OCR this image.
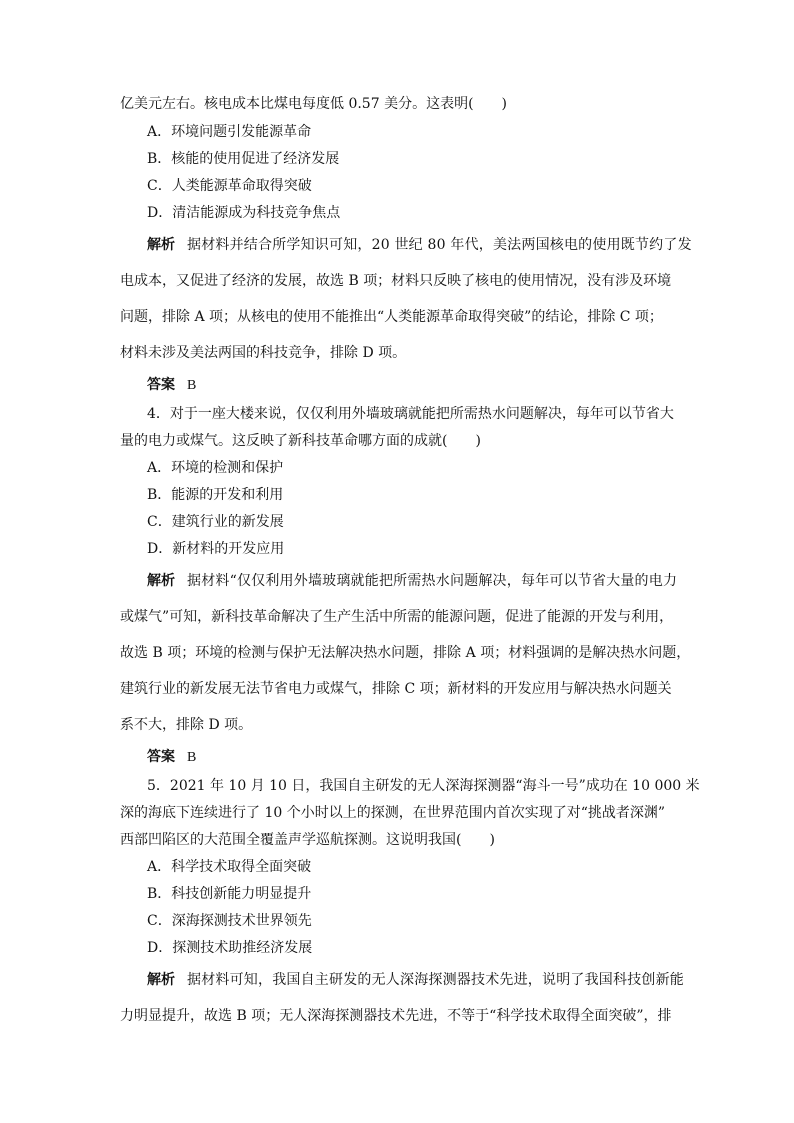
亿美元左右。核电成本比煤电每度低 0.57 美分。这表明(　　)
A．环境问题引发能源革命
B．核能的使用促进了经济发展
C．人类能源革命取得突破
D．清洁能源成为科技竞争焦点
解析 据材料并结合所学知识可知，20 世纪 80 年代，美法两国核电的使用既节约了发
电成本，又促进了经济的发展，故选 B 项；材料只反映了核电的使用情况，没有涉及环境
问题，排除 A 项；从核电的使用不能推出“人类能源革命取得突破”的结论，排除 C 项；
材料未涉及美法两国的科技竞争，排除 D 项。
答案 B
4．对于一座大楼来说，仅仅利用外墙玻璃就能把所需热水问题解决，每年可以节省大
量的电力或煤气。这反映了新科技革命哪方面的成就(　　)
A．环境的检测和保护
B．能源的开发和利用
C．建筑行业的新发展
D．新材料的开发应用
解析 据材料“仅仅利用外墙玻璃就能把所需热水问题解决，每年可以节省大量的电力
或煤气”可知，新科技革命解决了生产生活中所需的能源问题，促进了能源的开发与利用，
故选 B 项；环境的检测与保护无法解决热水问题，排除 A 项；材料强调的是解决热水问题，
建筑行业的新发展无法节省电力或煤气，排除 C 项；新材料的开发应用与解决热水问题关
系不大，排除 D 项。
答案 B
5．2021 年 10 月 10 日，我国自主研发的无人深海探测器“海斗一号”成功在 10 000 米
深的海底下连续进行了 10 个小时以上的探测，在世界范围内首次实现了对“挑战者深渊”
西部凹陷区的大范围全覆盖声学巡航探测。这说明我国(　　)
A．科学技术取得全面突破
B．科技创新能力明显提升
C．深海探测技术世界领先
D．探测技术助推经济发展
解析 据材料可知，我国自主研发的无人深海探测器技术先进，说明了我国科技创新能
力明显提升，故选 B 项；无人深海探测器技术先进，不等于“科学技术取得全面突破”，排
